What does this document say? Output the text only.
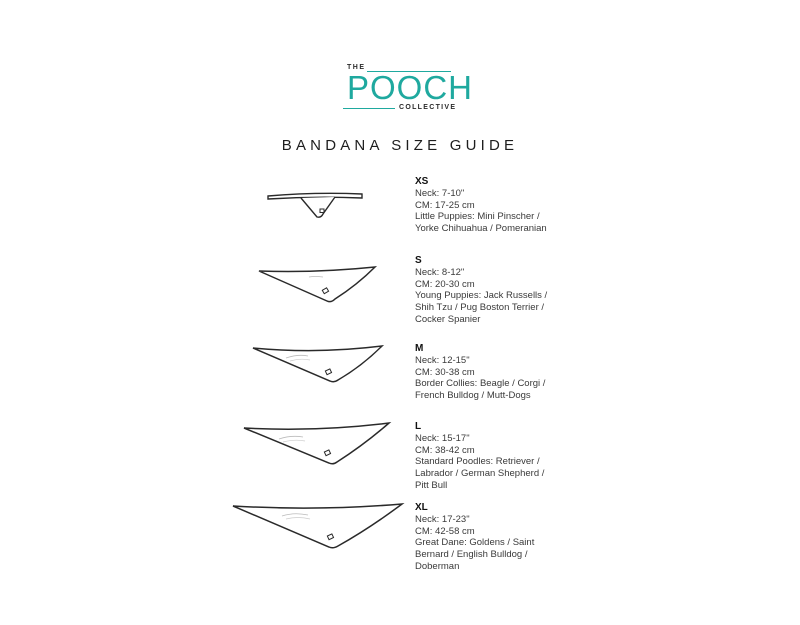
THE
POOCH
COLLECTIVE
BANDANA SIZE GUIDE
XS
Neck: 7-10"
CM: 17-25 cm
Little Puppies: Mini Pinscher /
Yorke Chihuahua / Pomeranian
S
Neck: 8-12"
CM: 20-30 cm
Young Puppies: Jack Russells /
Shih Tzu / Pug Boston Terrier /
Cocker Spanier
M
Neck: 12-15"
CM: 30-38 cm
Border Collies: Beagle / Corgi /
French Bulldog / Mutt-Dogs
L
Neck: 15-17"
CM: 38-42 cm
Standard Poodles: Retriever /
Labrador / German Shepherd /
Pitt Bull
XL
Neck: 17-23"
CM: 42-58 cm
Great Dane: Goldens / Saint
Bernard / English Bulldog /
Doberman
